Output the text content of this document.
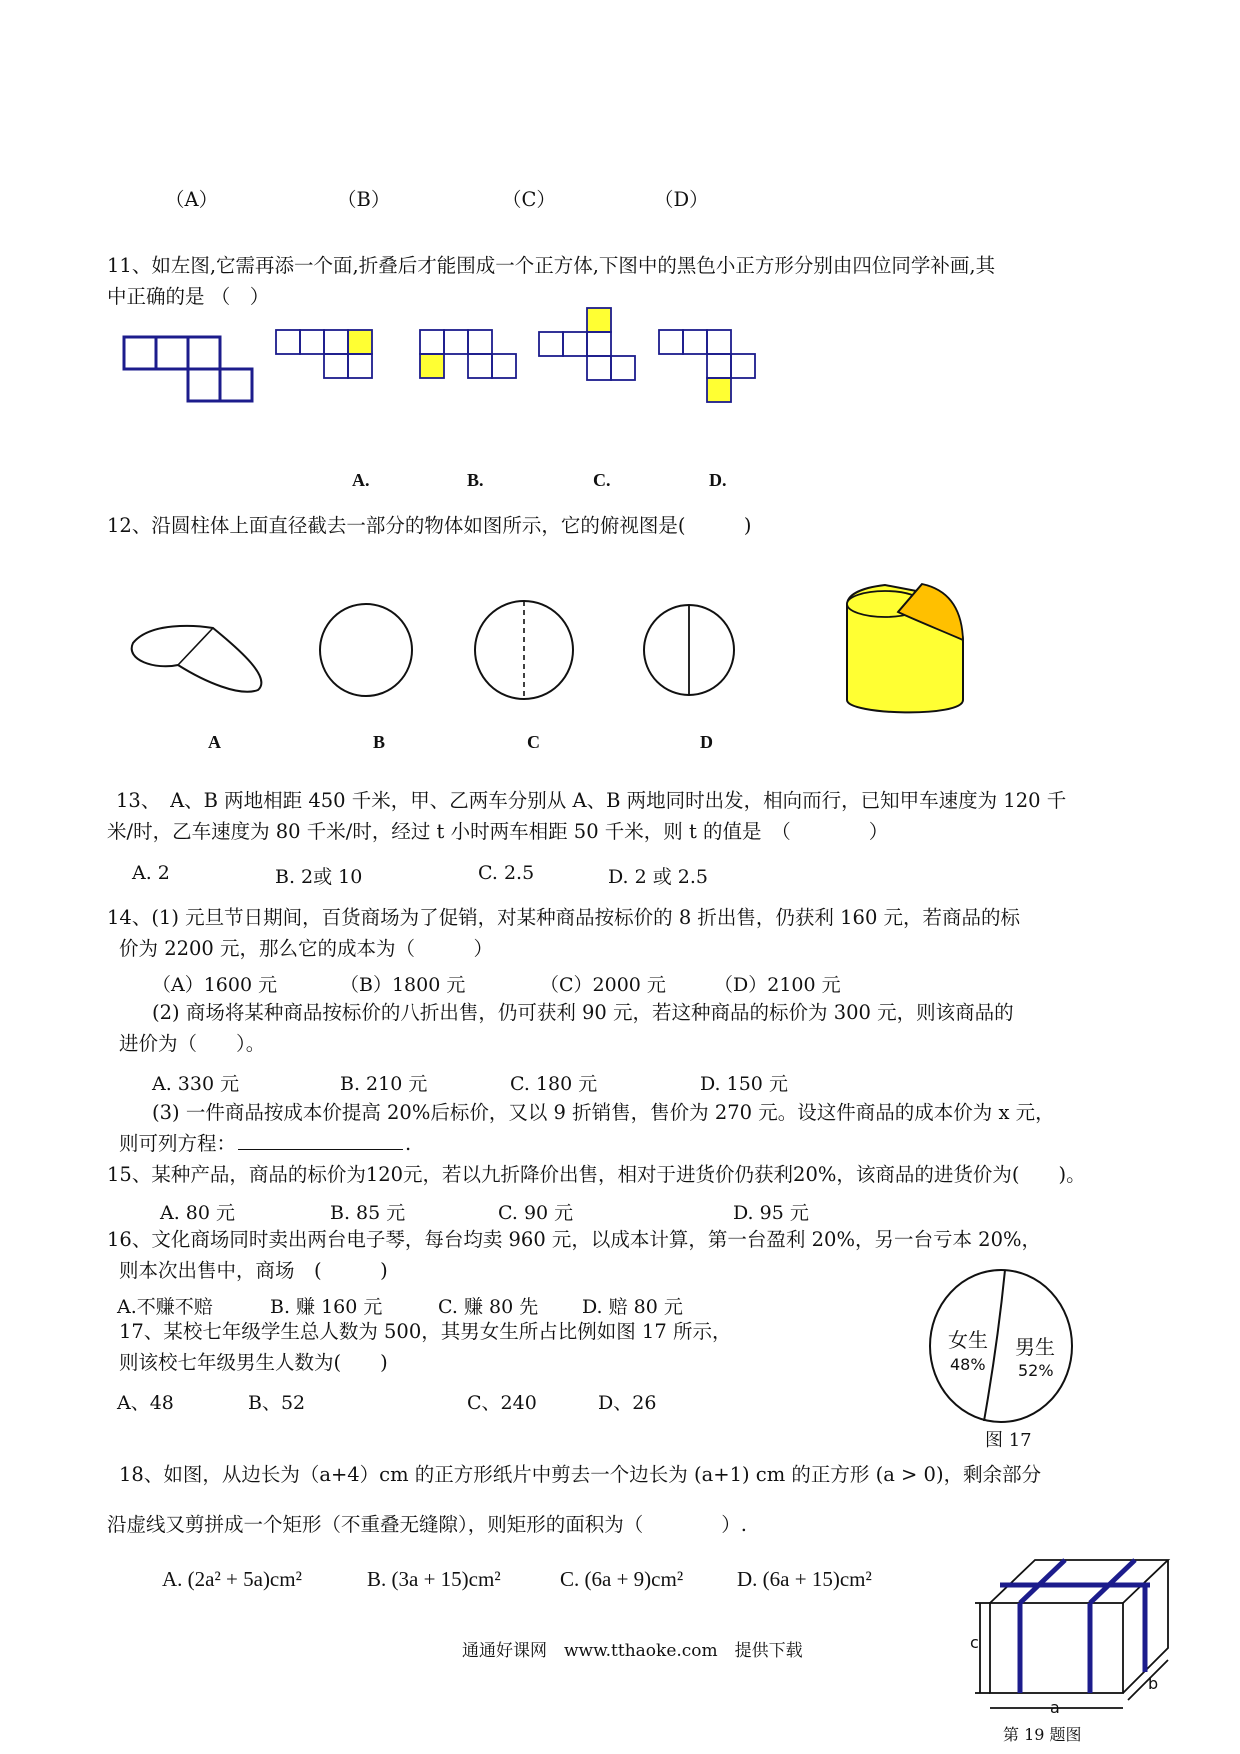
（A）	（B）	（C）	（D）
11、如左图,它需再添一个面,折叠后才能围成一个正方体,下图中的黑色小正方形分别由四位同学补画,其
中正确的是 （　）
A.	B.	C.	D.
12、沿圆柱体上面直径截去一部分的物体如图所示，它的俯视图是(　　　)
A	B	C	D
13、　A、B 两地相距 450 千米，甲、乙两车分别从 A、B 两地同时出发，相向而行，已知甲车速度为 120 千
米/时，乙车速度为 80 千米/时，经过 t 小时两车相距 50 千米，则 t 的值是　（　　　　）
A. 2	B. 2或 10	C. 2.5	D. 2 或 2.5
14、(1) 元旦节日期间，百货商场为了促销，对某种商品按标价的 8 折出售，仍获利 160 元，若商品的标
价为 2200 元，那么它的成本为（　　　）
（A）1600 元	（B）1800 元	（C）2000 元	（D）2100 元
(2) 商场将某种商品按标价的八折出售，仍可获利 90 元，若这种商品的标价为 300 元，则该商品的
进价为（　　）。
A. 330 元	B. 210 元	C. 180 元	D. 150 元
(3) 一件商品按成本价提高 20%后标价，又以 9 折销售，售价为 270 元。设这件商品的成本价为 x 元，
则可列方程：	.
15、某种产品，商品的标价为120元，若以九折降价出售，相对于进货价仍获利20%，该商品的进货价为(　　)。
A. 80 元	B. 85 元	C. 90 元	D. 95 元
16、文化商场同时卖出两台电子琴，每台均卖 960 元，以成本计算，第一台盈利 20%，另一台亏本 20%，
则本次出售中，商场　(　　　)
A.不赚不赔	B. 赚 160 元	C. 赚 80 先 D. 赔 80 元
17、某校七年级学生总人数为 500，其男女生所占比例如图 17 所示，
则该校七年级男生人数为(　　)
A、48	B、52	C、240	D、26
女生
48%
男生
52%
图 17
18、如图，从边长为（a+4）cm 的正方形纸片中剪去一个边长为 (a+1) cm 的正方形 (a > 0)，剩余部分
沿虚线又剪拼成一个矩形（不重叠无缝隙），则矩形的面积为（　　　　）.
A. (2a² + 5a)cm²	B. (3a + 15)cm²	C. (6a + 9)cm²	D. (6a + 15)cm²
c
a
b
第 19 题图
通通好课网　www.tthaoke.com　提供下载
